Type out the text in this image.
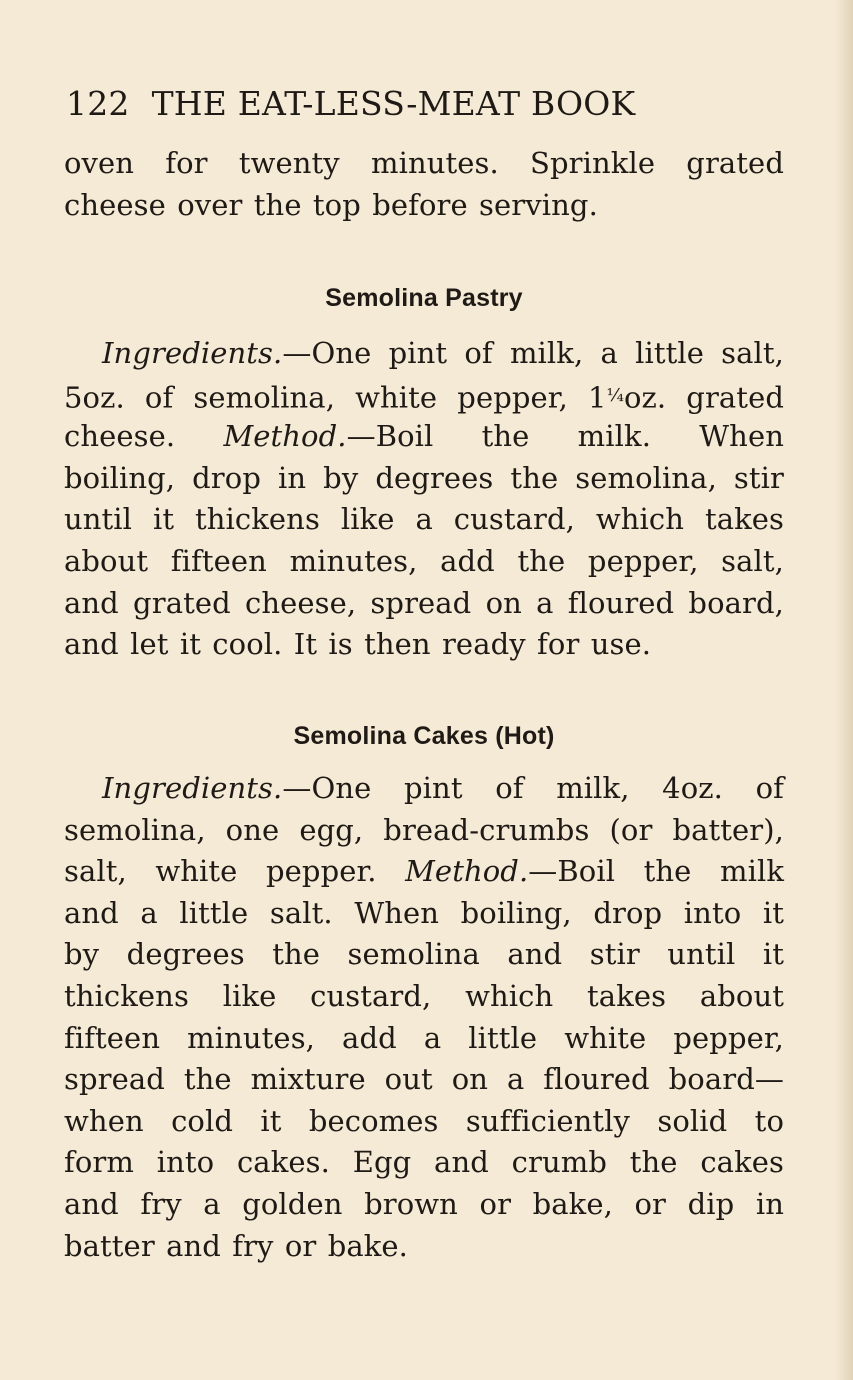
122 THE EAT-LESS-MEAT BOOK
oven for twenty minutes. Sprinkle grated
cheese over the top before serving.
Semolina Pastry
Ingredients.—One pint of milk, a little salt,
5oz. of semolina, white pepper, $1^{\frac{1}{4}}oz$. grated
cheese. Method.—Boil the milk. When
boiling, drop in by degrees the semolina, stir
until it thickens like a custard, which takes
about fifteen minutes, add the pepper, salt,
and grated cheese, spread on a floured board,
and let it cool. It is then ready for use.
Semolina Cakes (Hot)
Ingredients.—One pint of milk, 4oz. of
semolina, one egg, bread-crumbs (or batter),
salt, white pepper. Method.—Boil the milk
and a little salt. When boiling, drop into it
by degrees the semolina and stir until it
thickens like custard, which takes about
fifteen minutes, add a little white pepper,
spread the mixture out on a floured board—
when cold it becomes sufficiently solid to
form into cakes. Egg and crumb the cakes
and fry a golden brown or bake, or dip in
batter and fry or bake.
